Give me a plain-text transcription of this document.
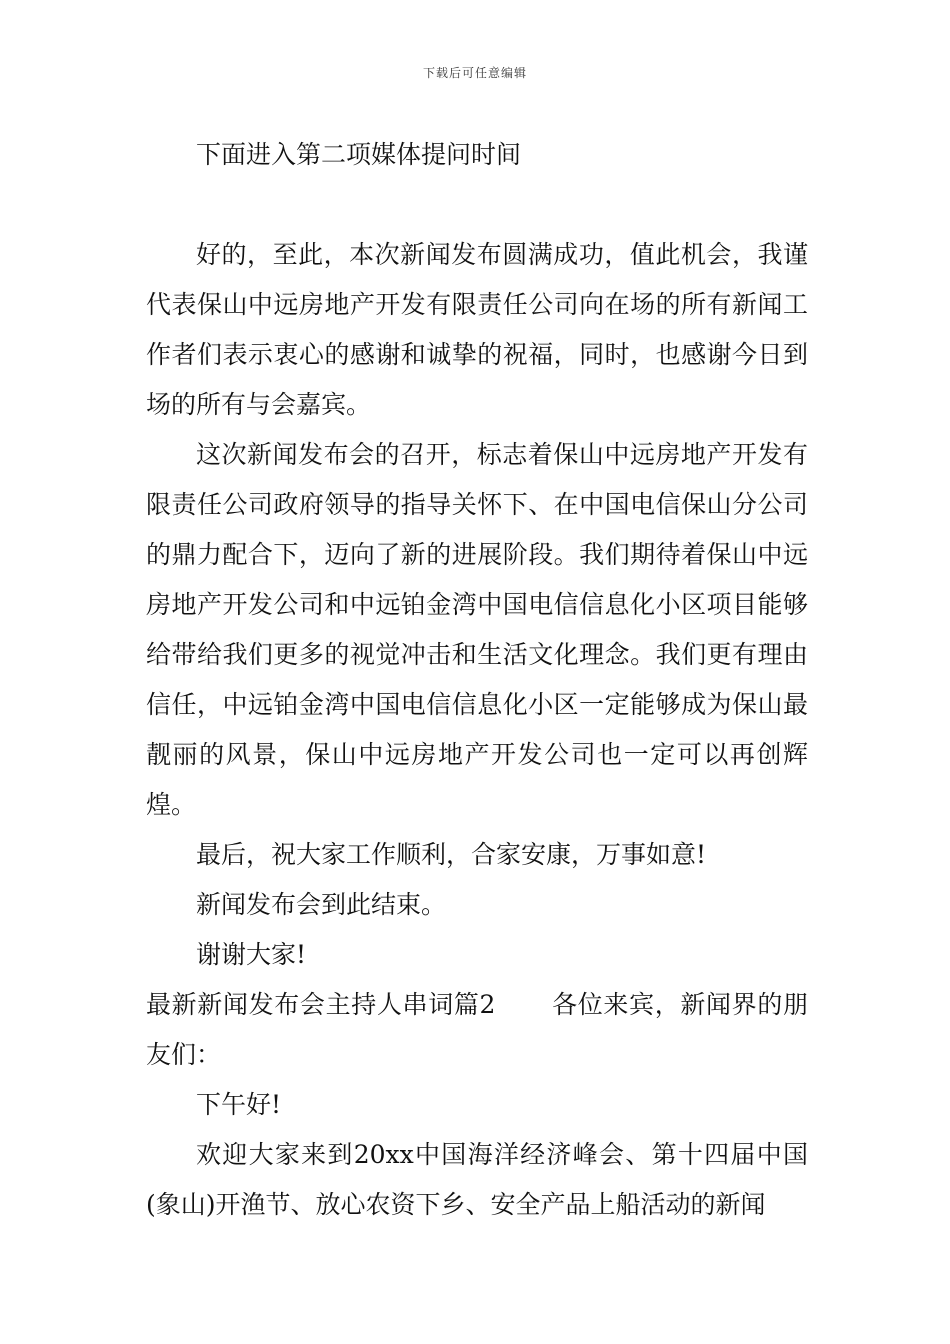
下载后可任意编辑

下面进入第二项媒体提问时间

好的，至此，本次新闻发布圆满成功，值此机会，我谨代表保山中远房地产开发有限责任公司向在场的所有新闻工作者们表示衷心的感谢和诚挚的祝福，同时，也感谢今日到场的所有与会嘉宾。

这次新闻发布会的召开，标志着保山中远房地产开发有限责任公司政府领导的指导关怀下、在中国电信保山分公司的鼎力配合下，迈向了新的进展阶段。我们期待着保山中远房地产开发公司和中远铂金湾中国电信信息化小区项目能够给带给我们更多的视觉冲击和生活文化理念。我们更有理由信任，中远铂金湾中国电信信息化小区一定能够成为保山最靓丽的风景，保山中远房地产开发公司也一定可以再创辉煌。

最后，祝大家工作顺利，合家安康，万事如意!

新闻发布会到此结束。

谢谢大家!

最新新闻发布会主持人串词篇2 各位来宾，新闻界的朋友们：

下午好!

欢迎大家来到20xx中国海洋经济峰会、第十四届中国(象山)开渔节、放心农资下乡、安全产品上船活动的新闻
